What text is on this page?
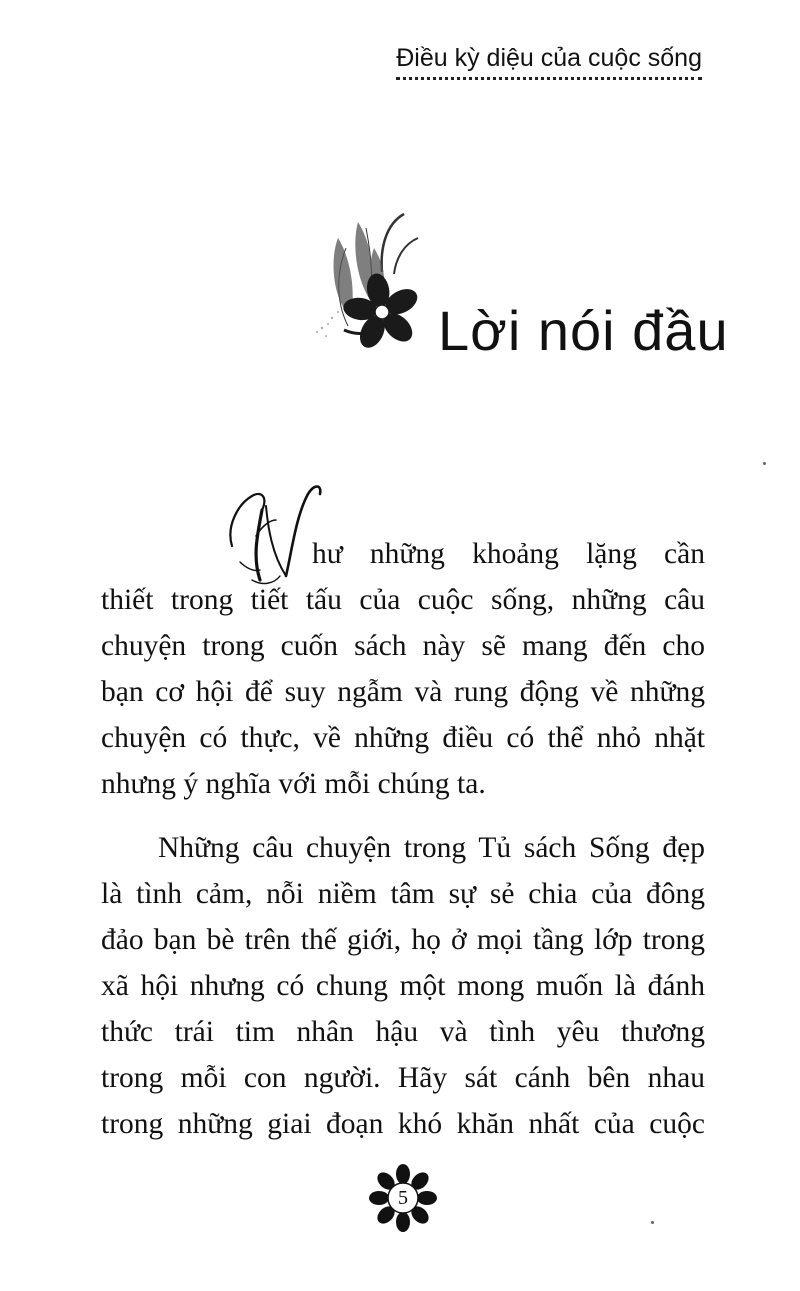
Điều kỳ diệu của cuộc sống
Lời nói đầu
hư những khoảng lặng cần
thiết trong tiết tấu của cuộc sống, những câu
chuyện trong cuốn sách này sẽ mang đến cho
bạn cơ hội để suy ngẫm và rung động về những
chuyện có thực, về những điều có thể nhỏ nhặt
nhưng ý nghĩa với mỗi chúng ta.
Những câu chuyện trong Tủ sách Sống đẹp
là tình cảm, nỗi niềm tâm sự sẻ chia của đông
đảo bạn bè trên thế giới, họ ở mọi tầng lớp trong
xã hội nhưng có chung một mong muốn là đánh
thức trái tim nhân hậu và tình yêu thương
trong mỗi con người. Hãy sát cánh bên nhau
trong những giai đoạn khó khăn nhất của cuộc
5
